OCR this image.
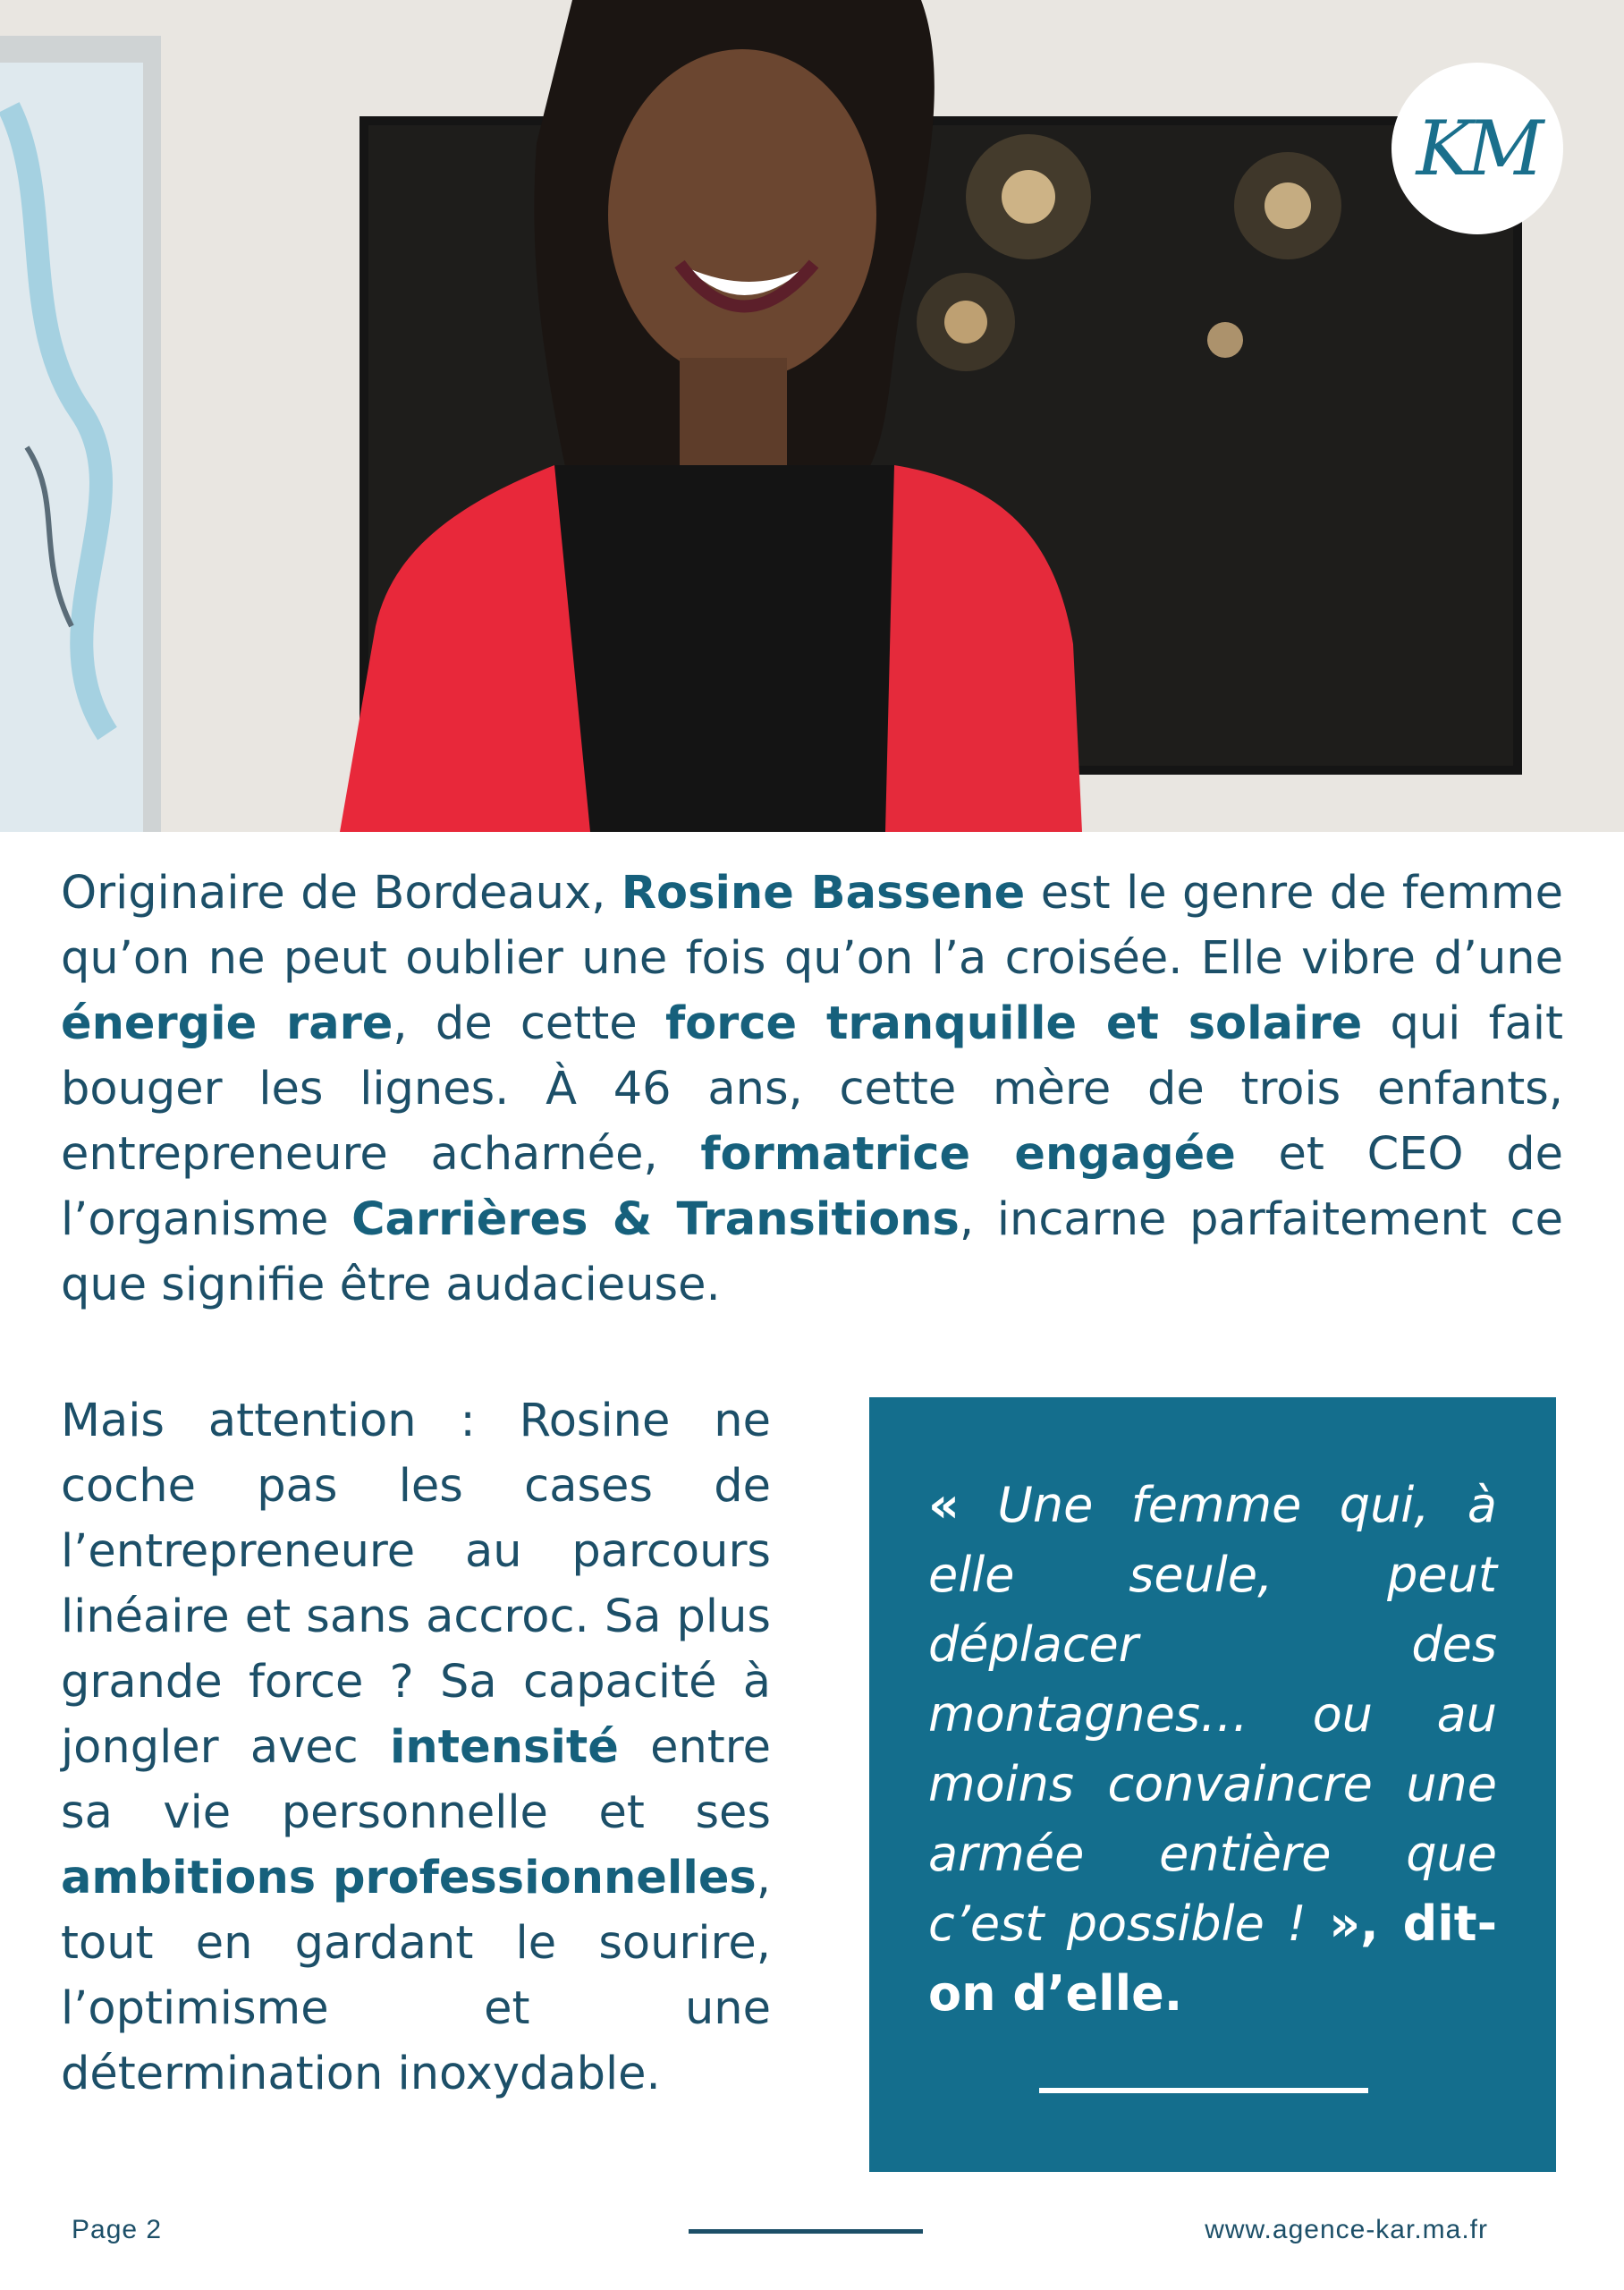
KM

Originaire de Bordeaux, Rosine Bassene est le genre de femme qu’on ne peut oublier une fois qu’on l’a croisée. Elle vibre d’une énergie rare, de cette force tranquille et solaire qui fait bouger les lignes. À 46 ans, cette mère de trois enfants, entrepreneure acharnée, formatrice engagée et CEO de l’organisme Carrières & Transitions, incarne parfaitement ce que signifie être audacieuse.

Mais attention : Rosine ne coche pas les cases de l’entrepreneure au parcours linéaire et sans accroc. Sa plus grande force ? Sa capacité à jongler avec intensité entre sa vie personnelle et ses ambitions professionnelles, tout en gardant le sourire, l’optimisme et une détermination inoxydable.

« Une femme qui, à elle seule, peut déplacer des montagnes… ou au moins convaincre une armée entière que c’est possible ! », dit-on d’elle.

Page 2	www.agence-kar.ma.fr
